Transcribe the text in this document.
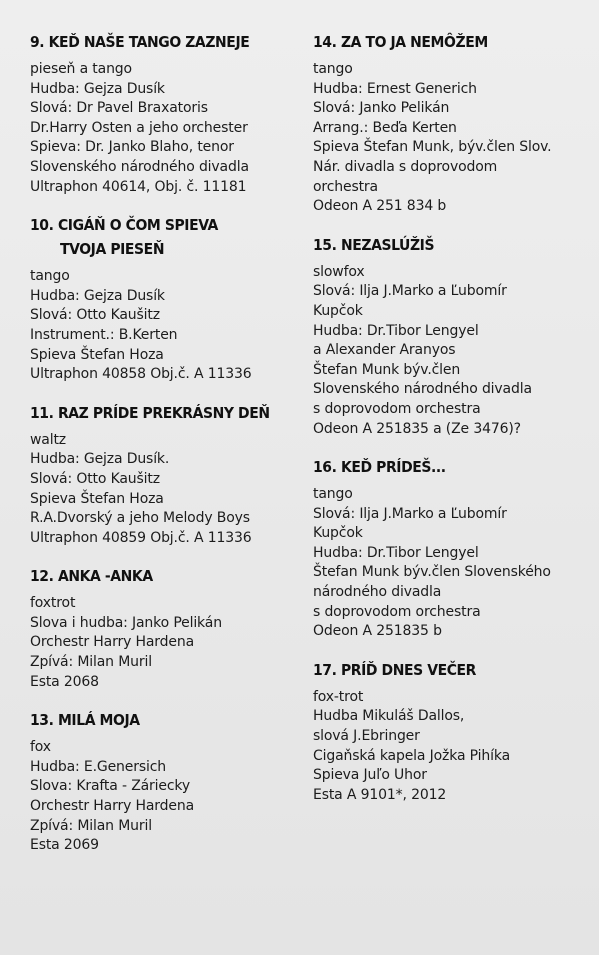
9. KEĎ NAŠE TANGO ZAZNEJE
pieseň a tango
Hudba: Gejza Dusík
Slová: Dr Pavel Braxatoris
Dr.Harry Osten a jeho orchester
Spieva: Dr. Janko Blaho, tenor
Slovenského národného divadla
Ultraphon 40614, Obj. č. 11181
10. CIGÁŇ O ČOM SPIEVA
TVOJA PIESEŇ
tango
Hudba: Gejza Dusík
Slová: Otto Kaušitz
Instrument.: B.Kerten
Spieva Štefan Hoza
Ultraphon 40858 Obj.č. A 11336
11. RAZ PRÍDE PREKRÁSNY DEŇ
waltz
Hudba: Gejza Dusík.
Slová: Otto Kaušitz
Spieva Štefan Hoza
R.A.Dvorský a jeho Melody Boys
Ultraphon 40859 Obj.č. A 11336
12. ANKA -ANKA
foxtrot
Slova i hudba: Janko Pelikán
Orchestr Harry Hardena
Zpívá: Milan Muril
Esta 2068
13. MILÁ MOJA
fox
Hudba: E.Genersich
Slova: Krafta - Záriecky
Orchestr Harry Hardena
Zpívá: Milan Muril
Esta 2069
14. ZA TO JA NEMÔŽEM
tango
Hudba: Ernest Generich
Slová: Janko Pelikán
Arrang.: Beďa Kerten
Spieva Štefan Munk, býv.člen Slov.
Nár. divadla s doprovodom
orchestra
Odeon A 251 834 b
15. NEZASLÚŽIŠ
slowfox
Slová: Ilja J.Marko a Ľubomír
Kupčok
Hudba: Dr.Tibor Lengyel
a Alexander Aranyos
Štefan Munk býv.člen
Slovenského národného divadla
s doprovodom orchestra
Odeon A 251835 a (Ze 3476)?
16. KEĎ PRÍDEŠ...
tango
Slová: Ilja J.Marko a Ľubomír
Kupčok
Hudba: Dr.Tibor Lengyel
Štefan Munk býv.člen Slovenského
národného divadla
s doprovodom orchestra
Odeon A 251835 b
17. PRÍĎ DNES VEČER
fox-trot
Hudba Mikuláš Dallos,
slová J.Ebringer
Cigaňská kapela Jožka Pihíka
Spieva Juľo Uhor
Esta A 9101*, 2012
